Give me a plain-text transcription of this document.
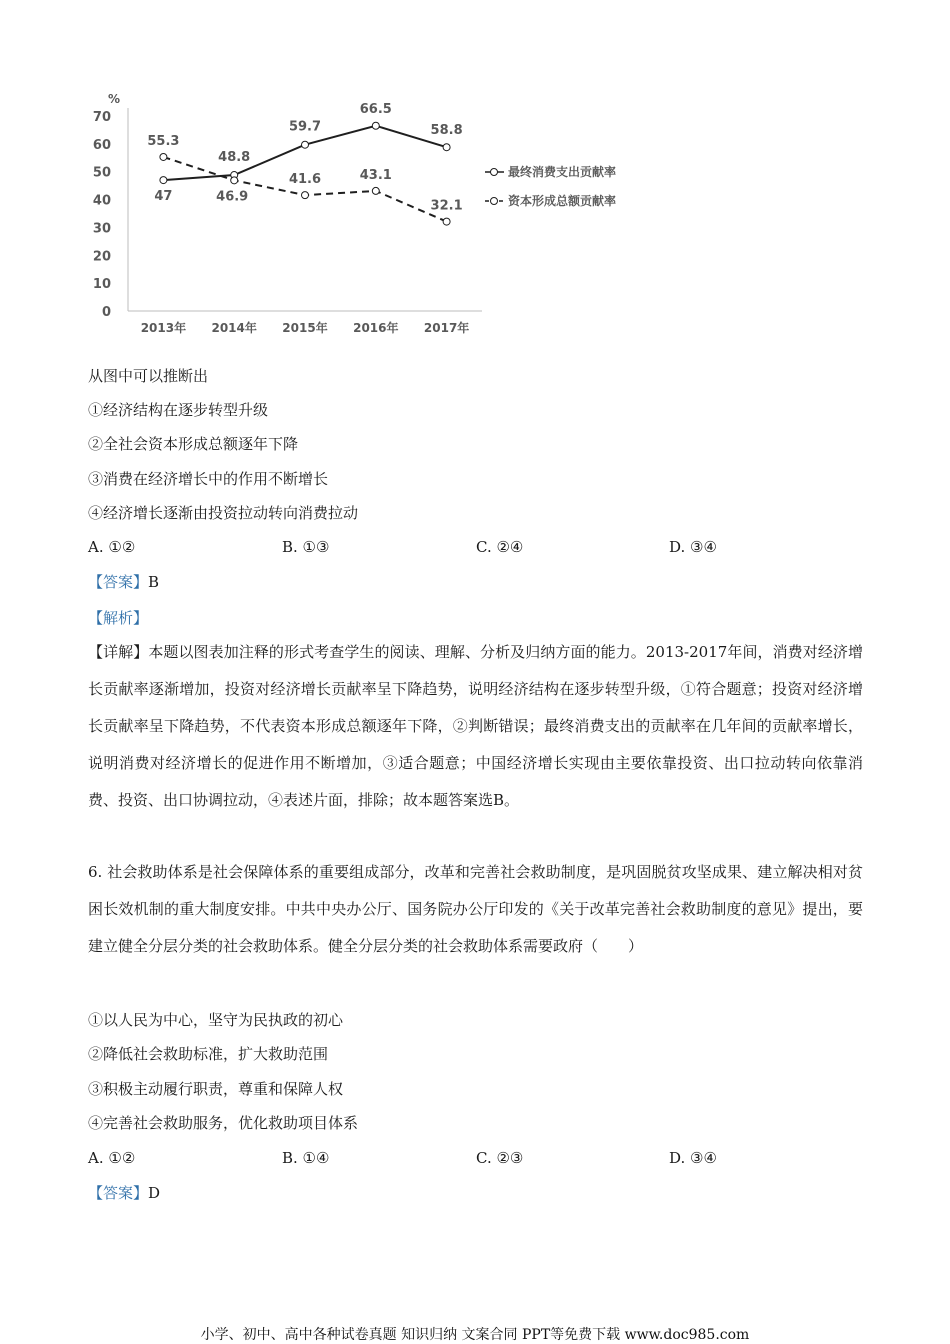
%
0
10
20
30
40
50
60
70
2013年 2014年 2015年 2016年 2017年
47
48.8
59.7
66.5
58.8
最终消费支出贡献率
55.3
46.9
41.6	43.1
32.1	资本形成总额贡献率
从图中可以推断出
①经济结构在逐步转型升级
②全社会资本形成总额逐年下降
③消费在经济增长中的作用不断增长
④经济增长逐渐由投资拉动转向消费拉动
A. ①②	B. ①③	C. ②④	D. ③④
【答案】B
【解析】
【详解】本题以图表加注释的形式考查学生的阅读、理解、分析及归纳方面的能力。2013-2017年间，消费对经济增长贡献率逐渐增加，投资对经济增长贡献率呈下降趋势，说明经济结构在逐步转型升级，①符合题意；投资对经济增长贡献率呈下降趋势，不代表资本形成总额逐年下降，②判断错误；最终消费支出的贡献率在几年间的贡献率增长，说明消费对经济增长的促进作用不断增加，③适合题意；中国经济增长实现由主要依靠投资、出口拉动转向依靠消费、投资、出口协调拉动，④表述片面，排除；故本题答案选B。
6. 社会救助体系是社会保障体系的重要组成部分，改革和完善社会救助制度，是巩固脱贫攻坚成果、建立解决相对贫困长效机制的重大制度安排。中共中央办公厅、国务院办公厅印发的《关于改革完善社会救助制度的意见》提出，要建立健全分层分类的社会救助体系。健全分层分类的社会救助体系需要政府（　　）
①以人民为中心，坚守为民执政的初心
②降低社会救助标准，扩大救助范围
③积极主动履行职责，尊重和保障人权
④完善社会救助服务，优化救助项目体系
A. ①②	B. ①④	C. ②③	D. ③④
【答案】D
小学、初中、高中各种试卷真题 知识归纳 文案合同 PPT等免费下载 www.doc985.com
